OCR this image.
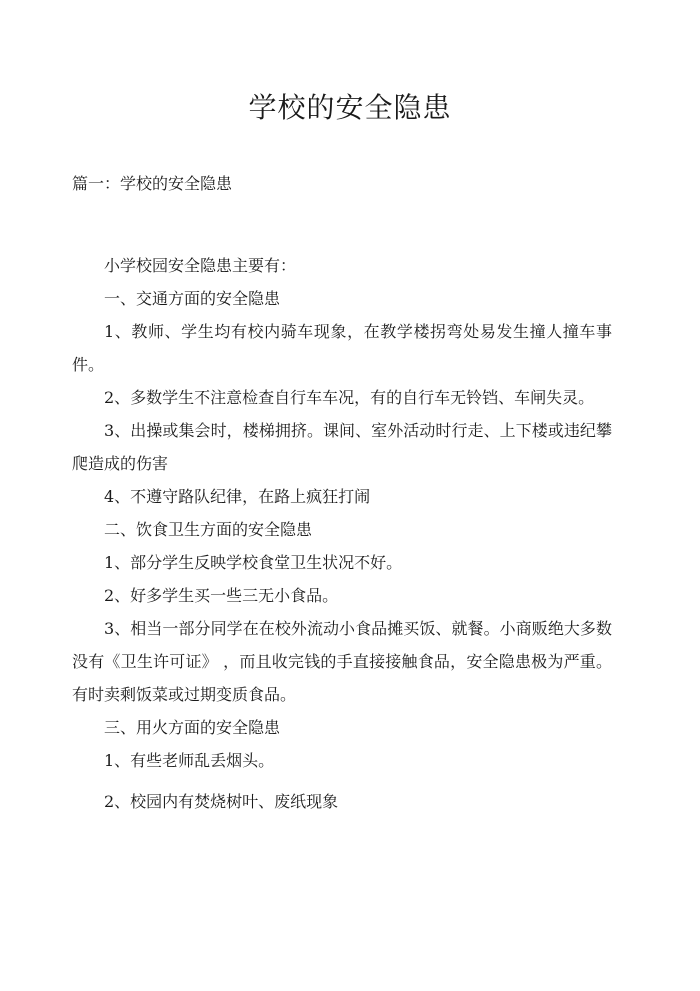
学校的安全隐患
篇一：学校的安全隐患

小学校园安全隐患主要有：

一、交通方面的安全隐患

1、教师、学生均有校内骑车现象，在教学楼拐弯处易发生撞人撞车事件。

2、多数学生不注意检查自行车车况，有的自行车无铃铛、车闸失灵。

3、出操或集会时，楼梯拥挤。课间、室外活动时行走、上下楼或违纪攀爬造成的伤害

4、不遵守路队纪律，在路上疯狂打闹

二、饮食卫生方面的安全隐患

1、部分学生反映学校食堂卫生状况不好。

2、好多学生买一些三无小食品。

3、相当一部分同学在在校外流动小食品摊买饭、就餐。小商贩绝大多数没有《卫生许可证》 ，而且收完钱的手直接接触食品，安全隐患极为严重。有时卖剩饭菜或过期变质食品。

三、用火方面的安全隐患

1、有些老师乱丢烟头。

2、校园内有焚烧树叶、废纸现象
